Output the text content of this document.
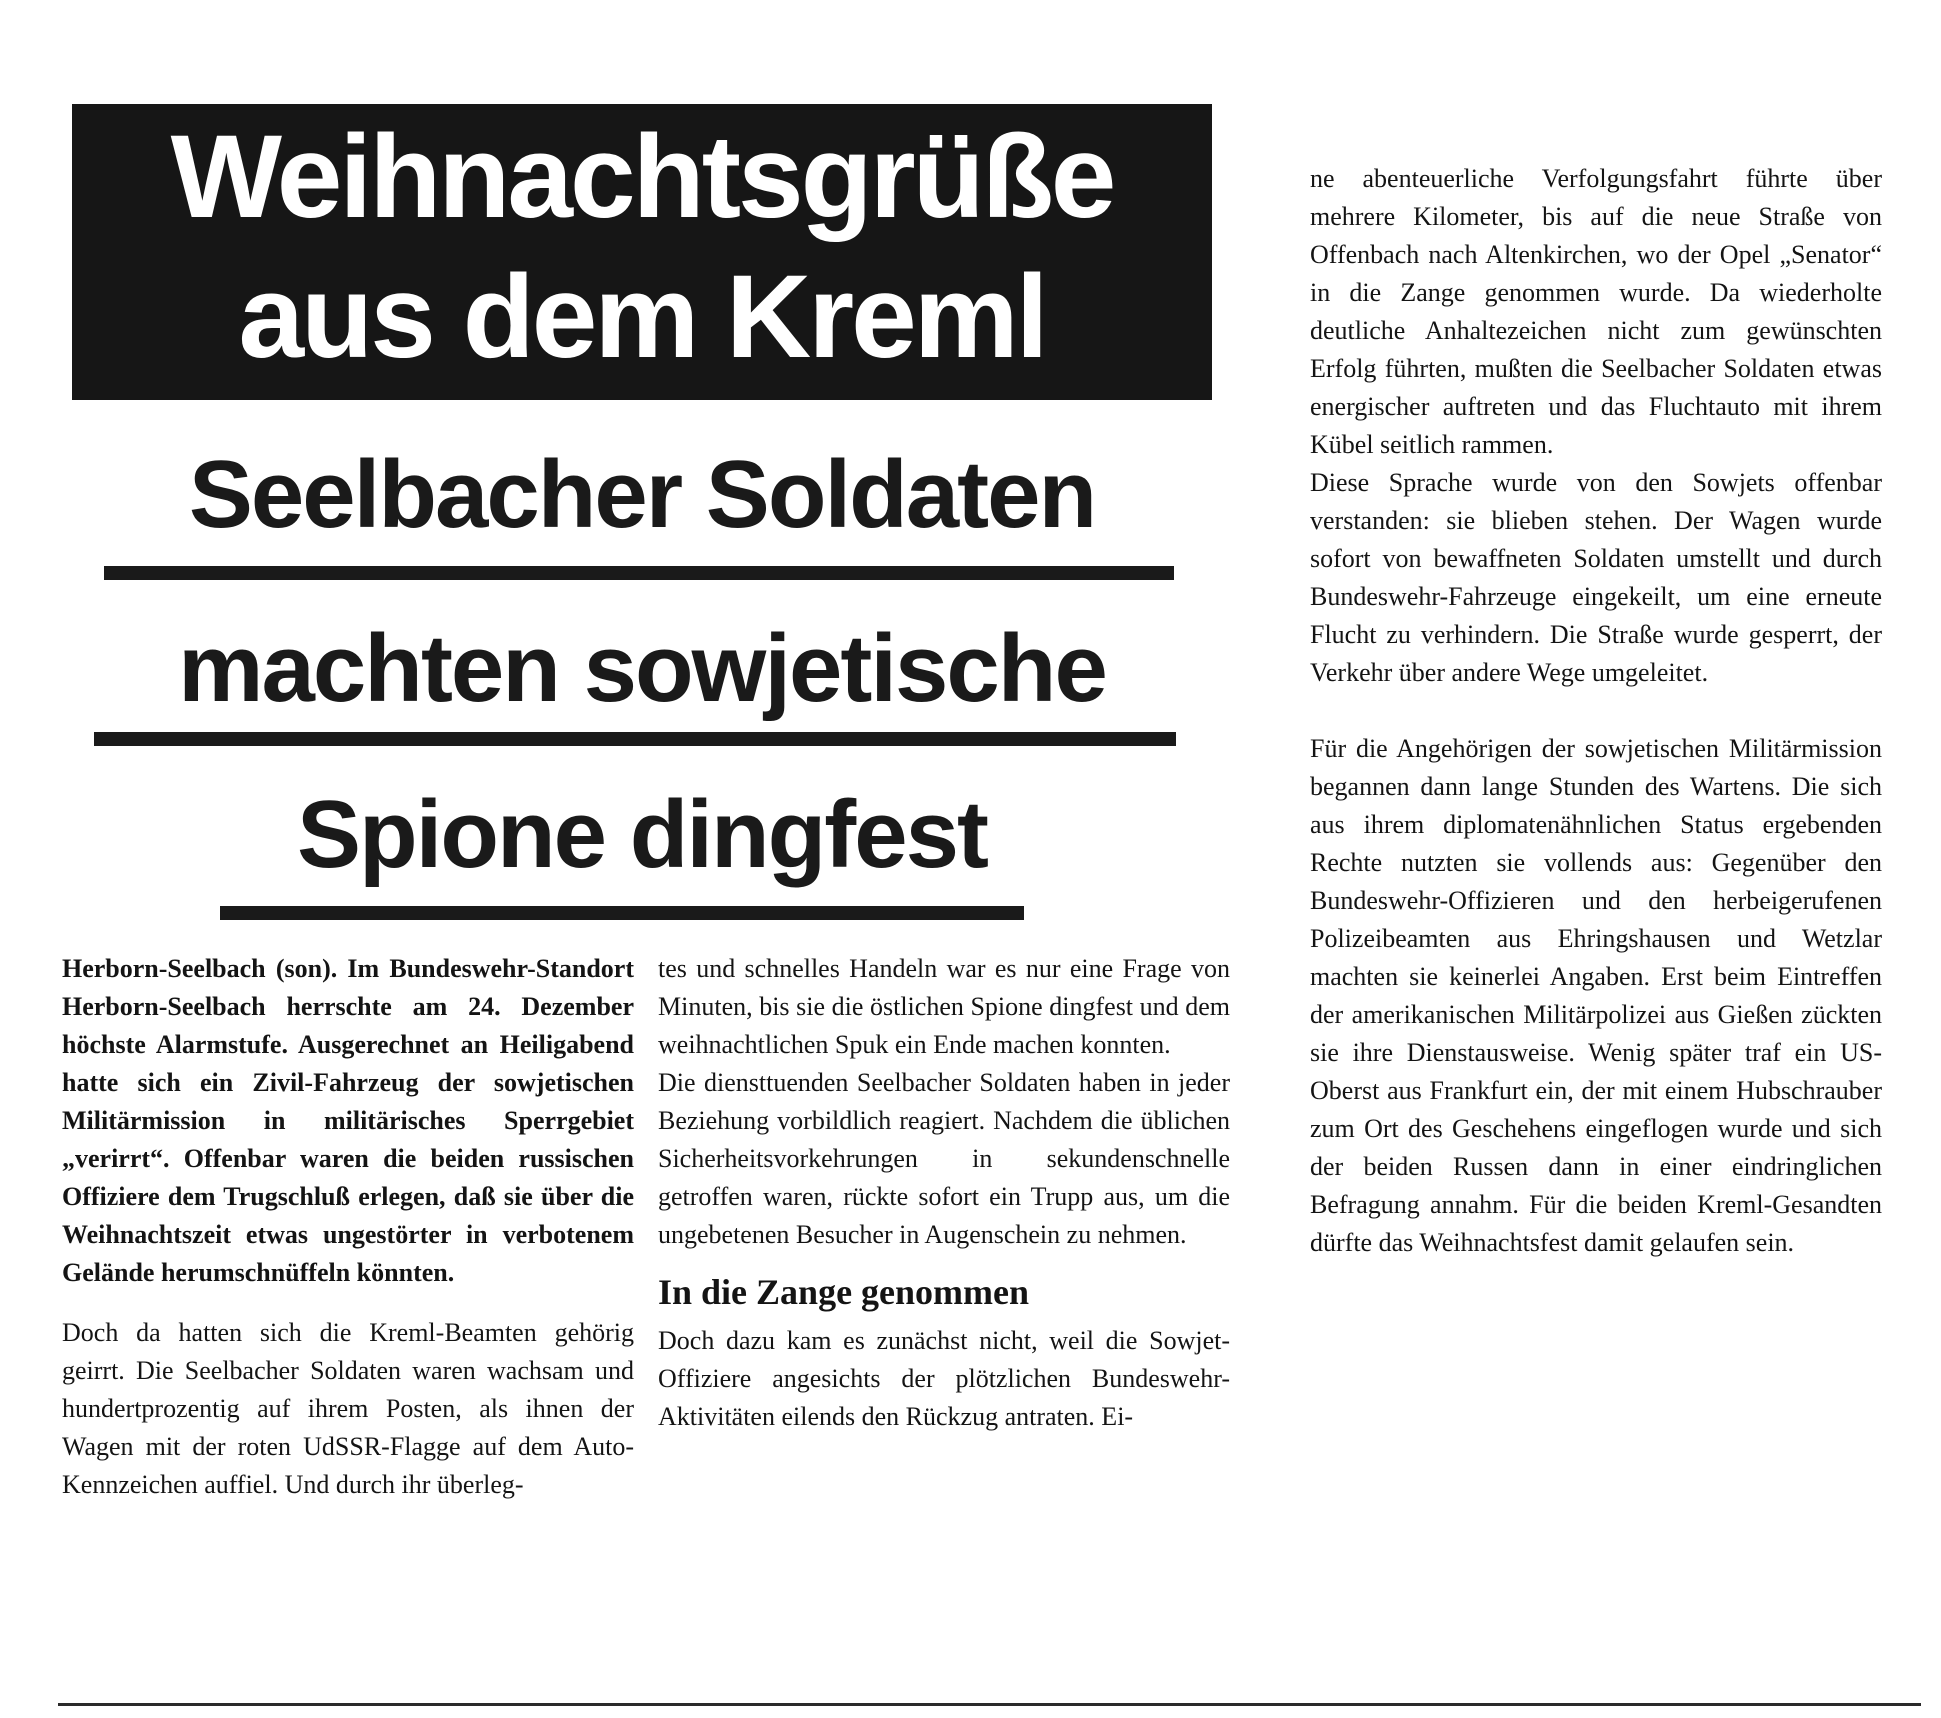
Weihnachtsgrüße
aus dem Kreml
Seelbacher Soldaten
machten sowjetische
Spione dingfest

Herborn-Seelbach (son). Im Bundeswehr-Standort Herborn-Seelbach herrschte am 24. Dezember höchste Alarmstufe. Ausgerechnet an Heiligabend hatte sich ein Zivil-Fahrzeug der sowjetischen Militärmission in militärisches Sperrgebiet „verirrt“. Offenbar waren die beiden russischen Offiziere dem Trugschluß erlegen, daß sie über die Weihnachtszeit etwas ungestörter in verbotenem Gelände herumschnüffeln könnten.

Doch da hatten sich die Kreml-Beamten gehörig geirrt. Die Seelbacher Soldaten waren wachsam und hundertprozentig auf ihrem Posten, als ihnen der Wagen mit der roten UdSSR-Flagge auf dem Auto-Kennzeichen auffiel. Und durch ihr überleg-

tes und schnelles Handeln war es nur eine Frage von Minuten, bis sie die östlichen Spione dingfest und dem weihnachtlichen Spuk ein Ende machen konnten.

Die diensttuenden Seelbacher Soldaten haben in jeder Beziehung vorbildlich reagiert. Nachdem die üblichen Sicherheitsvorkehrungen in sekundenschnelle getroffen waren, rückte sofort ein Trupp aus, um die ungebetenen Besucher in Augenschein zu nehmen.

In die Zange genommen

Doch dazu kam es zunächst nicht, weil die Sowjet-Offiziere angesichts der plötzlichen Bundeswehr-Aktivitäten eilends den Rückzug antraten. Ei-

ne abenteuerliche Verfolgungsfahrt führte über mehrere Kilometer, bis auf die neue Straße von Offenbach nach Altenkirchen, wo der Opel „Senator“ in die Zange genommen wurde. Da wiederholte deutliche Anhaltezeichen nicht zum gewünschten Erfolg führten, mußten die Seelbacher Soldaten etwas energischer auftreten und das Fluchtauto mit ihrem Kübel seitlich rammen.

Diese Sprache wurde von den Sowjets offenbar verstanden: sie blieben stehen. Der Wagen wurde sofort von bewaffneten Soldaten umstellt und durch Bundeswehr-Fahrzeuge eingekeilt, um eine erneute Flucht zu verhindern. Die Straße wurde gesperrt, der Verkehr über andere Wege umgeleitet.

Für die Angehörigen der sowjetischen Militärmission begannen dann lange Stunden des Wartens. Die sich aus ihrem diplomatenähnlichen Status ergebenden Rechte nutzten sie vollends aus: Gegenüber den Bundeswehr-Offizieren und den herbeigerufenen Polizeibeamten aus Ehringshausen und Wetzlar machten sie keinerlei Angaben. Erst beim Eintreffen der amerikanischen Militärpolizei aus Gießen zückten sie ihre Dienstausweise. Wenig später traf ein US-Oberst aus Frankfurt ein, der mit einem Hubschrauber zum Ort des Geschehens eingeflogen wurde und sich der beiden Russen dann in einer eindringlichen Befragung annahm. Für die beiden Kreml-Gesandten dürfte das Weihnachtsfest damit gelaufen sein.
